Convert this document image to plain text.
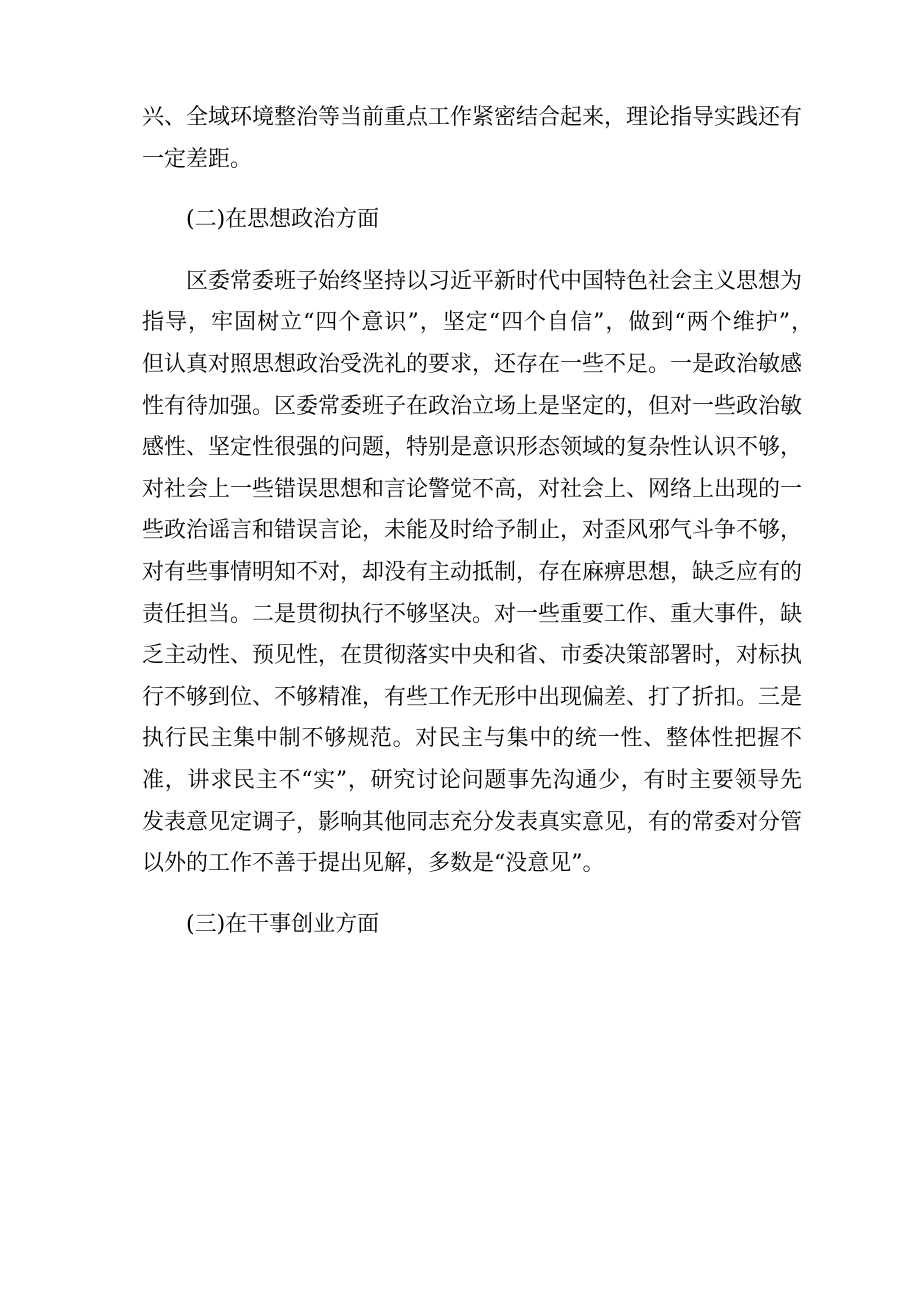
兴、全域环境整治等当前重点工作紧密结合起来，理论指导实践还有一定差距。

(二)在思想政治方面

区委常委班子始终坚持以习近平新时代中国特色社会主义思想为指导，牢固树立“四个意识”，坚定“四个自信”，做到“两个维护”，　但认真对照思想政治受洗礼的要求，还存在一些不足。一是政治敏感性有待加强。区委常委班子在政治立场上是坚定的，但对一些政治敏感性、坚定性很强的问题，特别是意识形态领域的复杂性认识不够，对社会上一些错误思想和言论警觉不高，对社会上、网络上出现的一些政治谣言和错误言论，未能及时给予制止，对歪风邪气斗争不够，对有些事情明知不对，却没有主动抵制，存在麻痹思想，缺乏应有的责任担当。二是贯彻执行不够坚决。对一些重要工作、重大事件，缺乏主动性、预见性，在贯彻落实中央和省、市委决策部署时，对标执行不够到位、不够精准，有些工作无形中出现偏差、打了折扣。三是执行民主集中制不够规范。对民主与集中的统一性、整体性把握不准，讲求民主不“实”，研究讨论问题事先沟通少，有时主要领导先发表意见定调子，影响其他同志充分发表真实意见，有的常委对分管以外的工作不善于提出见解，多数是“没意见”。

(三)在干事创业方面
